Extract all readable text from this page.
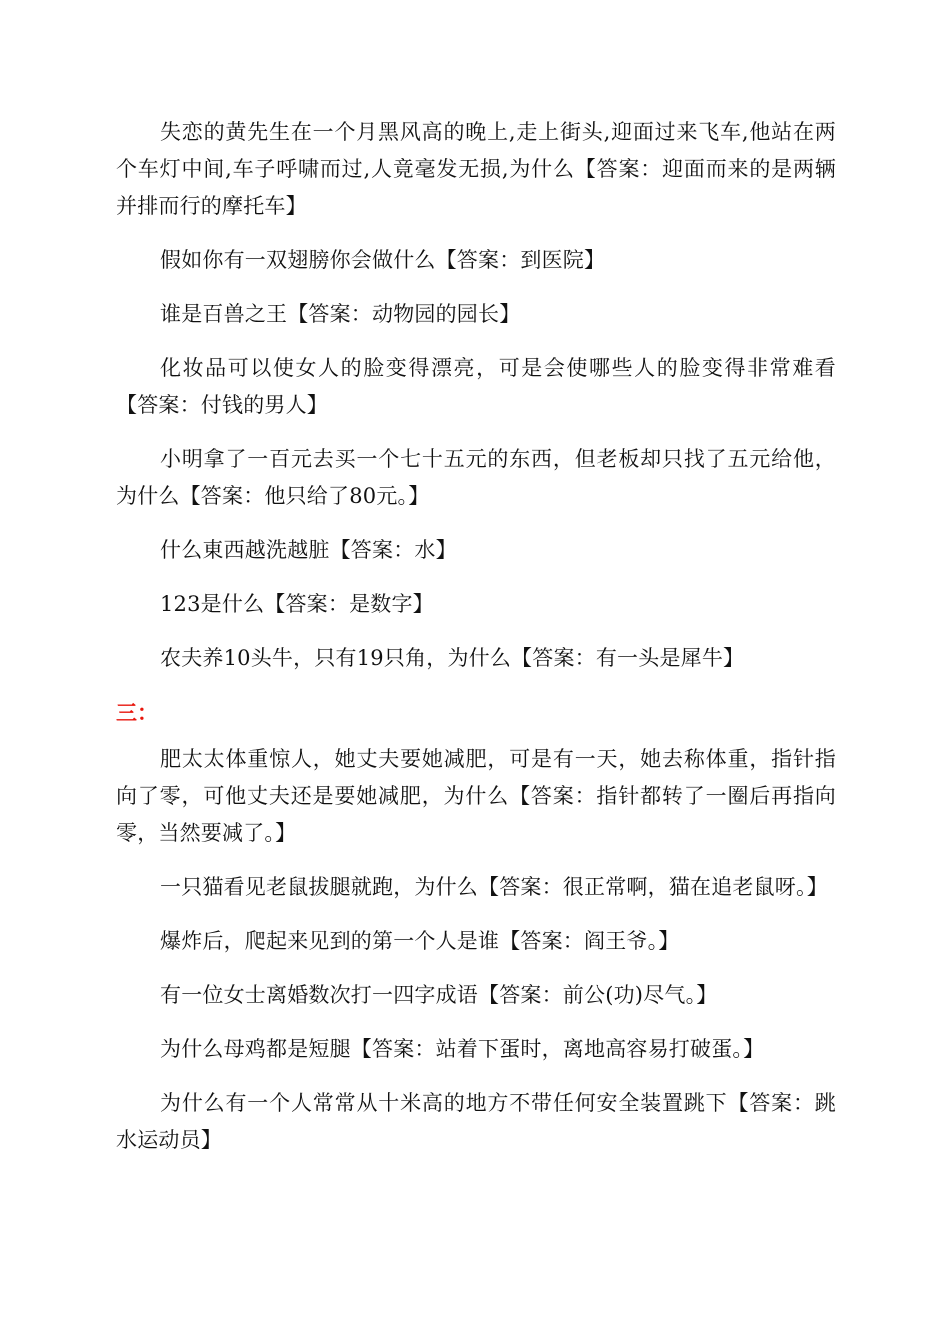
失恋的黄先生在一个月黑风高的晚上,走上街头,迎面过来飞车,他站在两个车灯中间,车子呼啸而过,人竟毫发无损,为什么【答案：迎面而来的是两辆并排而行的摩托车】

假如你有一双翅膀你会做什么【答案：到医院】

谁是百兽之王【答案：动物园的园长】

化妆品可以使女人的脸变得漂亮，可是会使哪些人的脸变得非常难看【答案：付钱的男人】

小明拿了一百元去买一个七十五元的东西，但老板却只找了五元给他，为什么【答案：他只给了80元。】

什么東西越洗越脏【答案：水】

123是什么【答案：是数字】

农夫养10头牛，只有19只角，为什么【答案：有一头是犀牛】

三：

肥太太体重惊人，她丈夫要她减肥，可是有一天，她去称体重，指针指向了零，可他丈夫还是要她减肥，为什么【答案：指针都转了一圈后再指向零，当然要减了。】

一只猫看见老鼠拔腿就跑，为什么【答案：很正常啊，猫在追老鼠呀。】

爆炸后，爬起来见到的第一个人是谁【答案：阎王爷。】

有一位女士离婚数次打一四字成语【答案：前公(功)尽气。】

为什么母鸡都是短腿【答案：站着下蛋时，离地高容易打破蛋。】

为什么有一个人常常从十米高的地方不带任何安全装置跳下【答案：跳水运动员】
